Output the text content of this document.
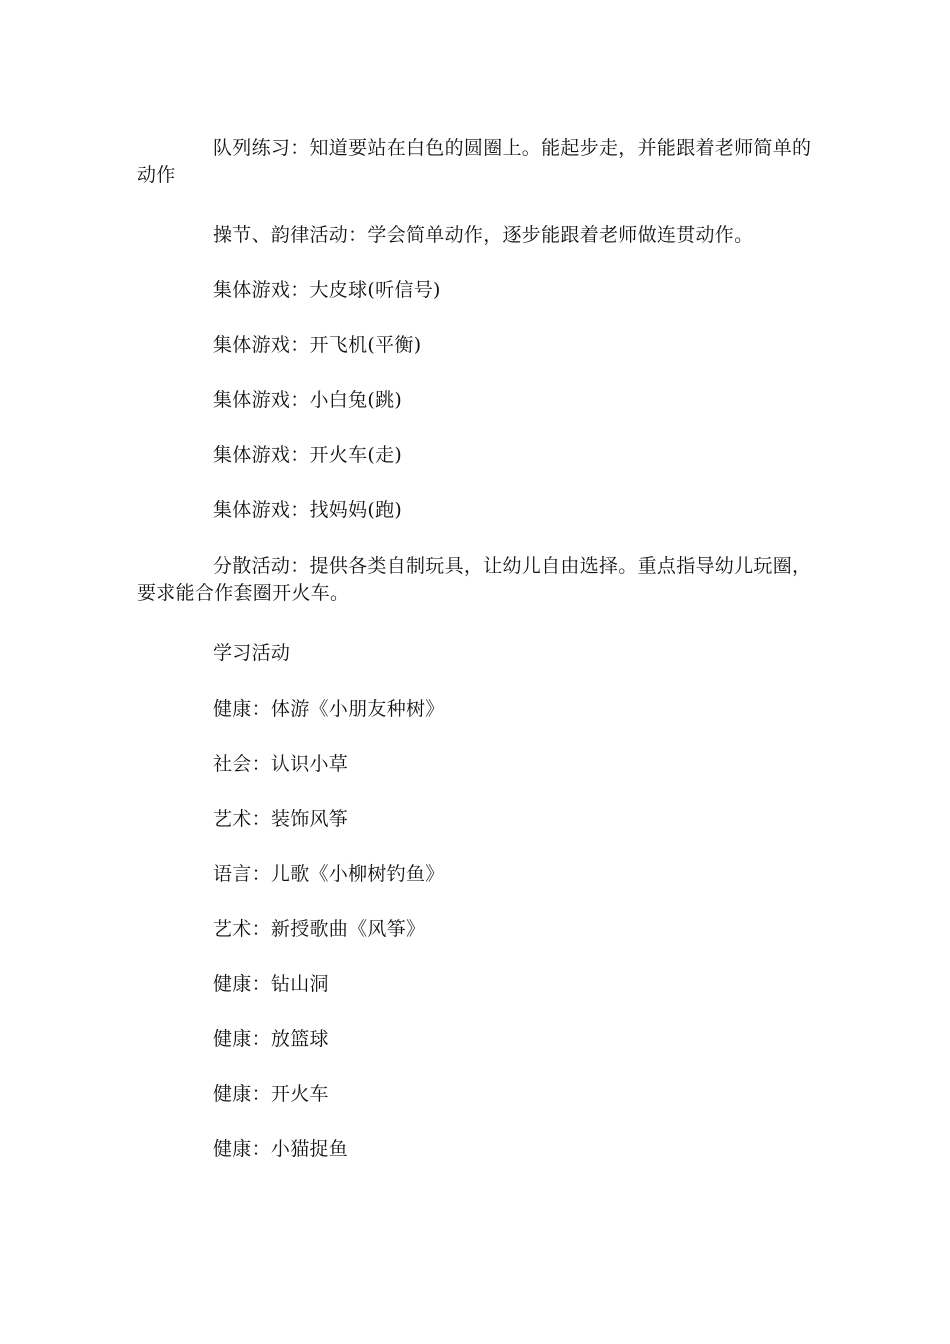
队列练习：知道要站在白色的圆圈上。能起步走，并能跟着老师简单的动作

操节、韵律活动：学会简单动作，逐步能跟着老师做连贯动作。

集体游戏：大皮球(听信号)

集体游戏：开飞机(平衡)

集体游戏：小白兔(跳)

集体游戏：开火车(走)

集体游戏：找妈妈(跑)

分散活动：提供各类自制玩具，让幼儿自由选择。重点指导幼儿玩圈，要求能合作套圈开火车。

学习活动

健康：体游《小朋友种树》

社会：认识小草

艺术：装饰风筝

语言：儿歌《小柳树钓鱼》

艺术：新授歌曲《风筝》

健康：钻山洞

健康：放篮球

健康：开火车

健康：小猫捉鱼
